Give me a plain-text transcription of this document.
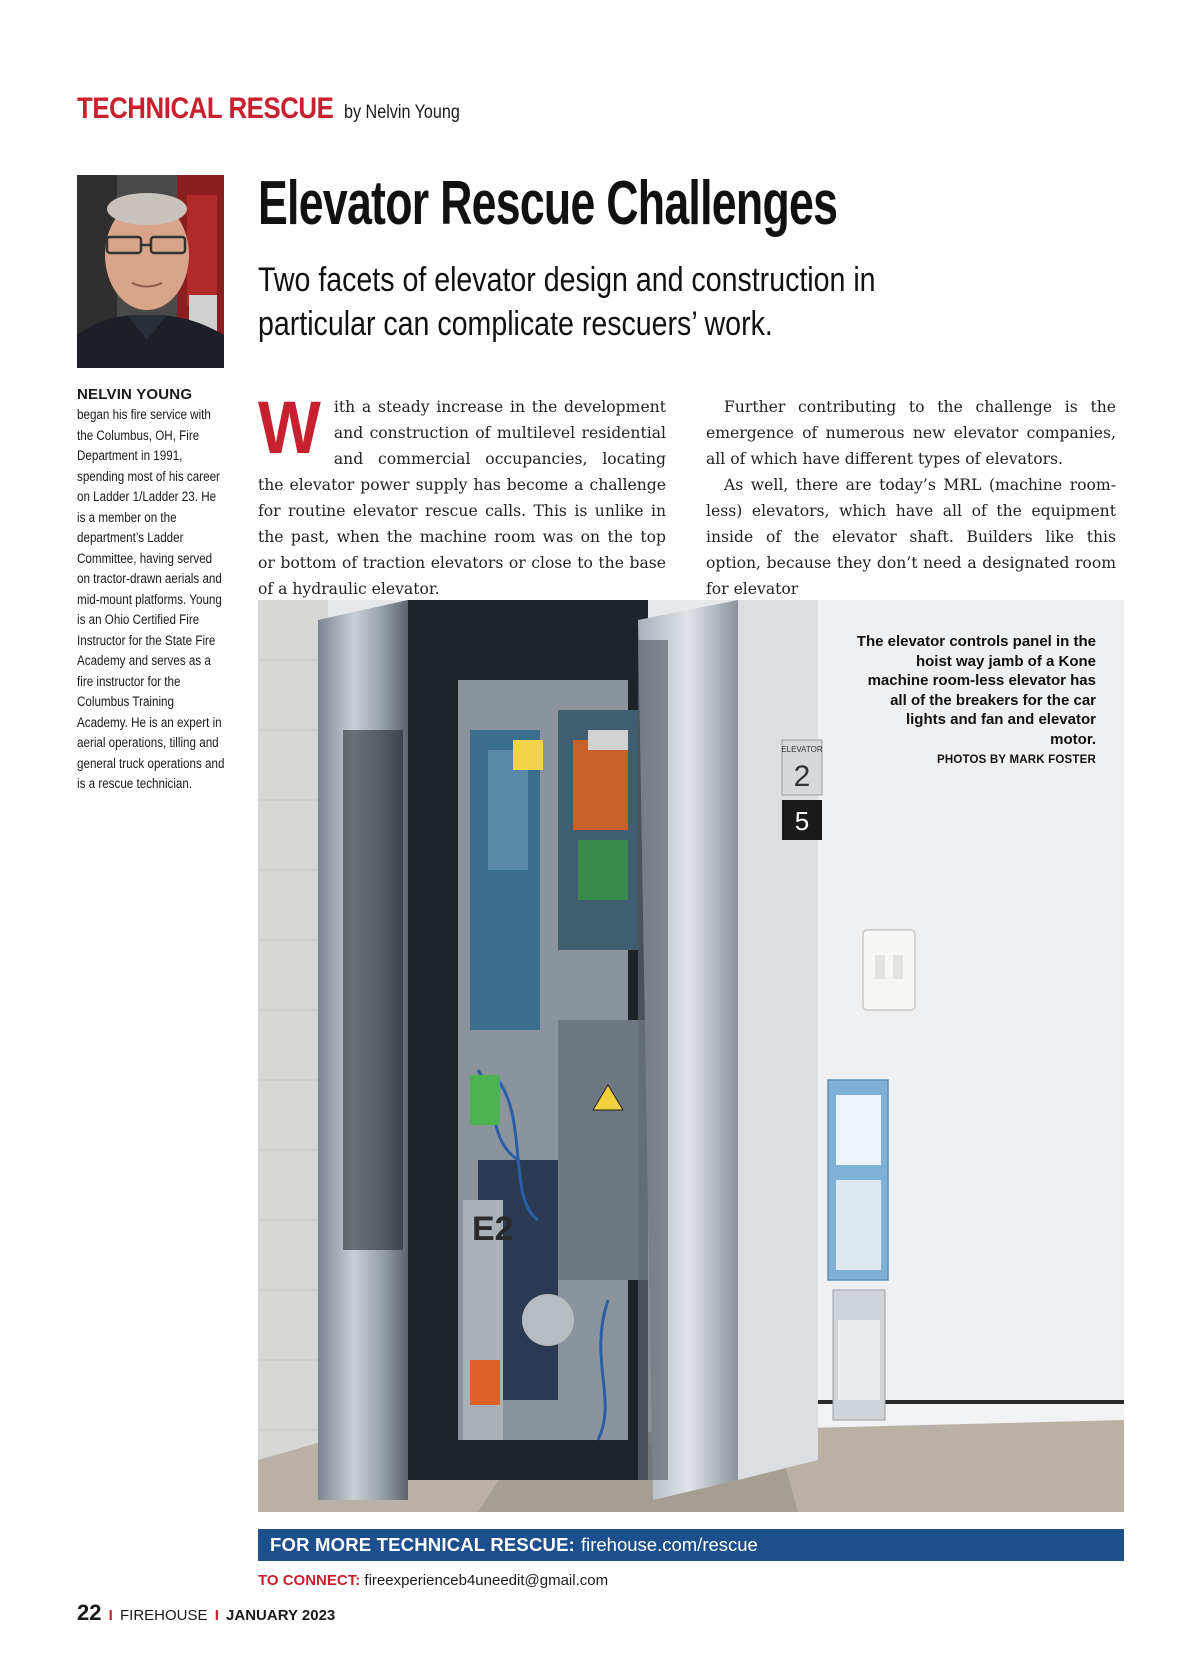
TECHNICAL RESCUE by Nelvin Young
NELVIN YOUNG
began his fire service with the Columbus, OH, Fire Department in 1991, spending most of his career on Ladder 1/Ladder 23. He is a member on the department’s Ladder Committee, having served on tractor-drawn aerials and mid-mount platforms. Young is an Ohio Certified Fire Instructor for the State Fire Academy and serves as a fire instructor for the Columbus Training Academy. He is an expert in aerial operations, tilling and general truck operations and is a rescue technician.
Elevator Rescue Challenges

Two facets of elevator design and construction in particular can complicate rescuers’ work.

With a steady increase in the development and construction of multilevel residential and commercial occupancies, locating the elevator power supply has become a challenge for routine elevator rescue calls. This is unlike in the past, when the machine room was on the top or bottom of traction elevators or close to the base of a hydraulic elevator.

Further contributing to the challenge is the emergence of numerous new elevator companies, all of which have different types of elevators.

As well, there are today’s MRL (machine room-less) elevators, which have all of the equipment inside of the elevator shaft. Builders like this option, because they don’t need a designated room for elevator

E2
ELEVATOR
2
5
The elevator controls panel in the hoist way jamb of a Kone machine room-less elevator has all of the breakers for the car lights and fan and elevator motor.
PHOTOS BY MARK FOSTER
FOR MORE TECHNICAL RESCUE: firehouse.com/rescue
TO CONNECT: fireexperienceb4uneedit@gmail.com
22 I FIREHOUSE I JANUARY 2023
